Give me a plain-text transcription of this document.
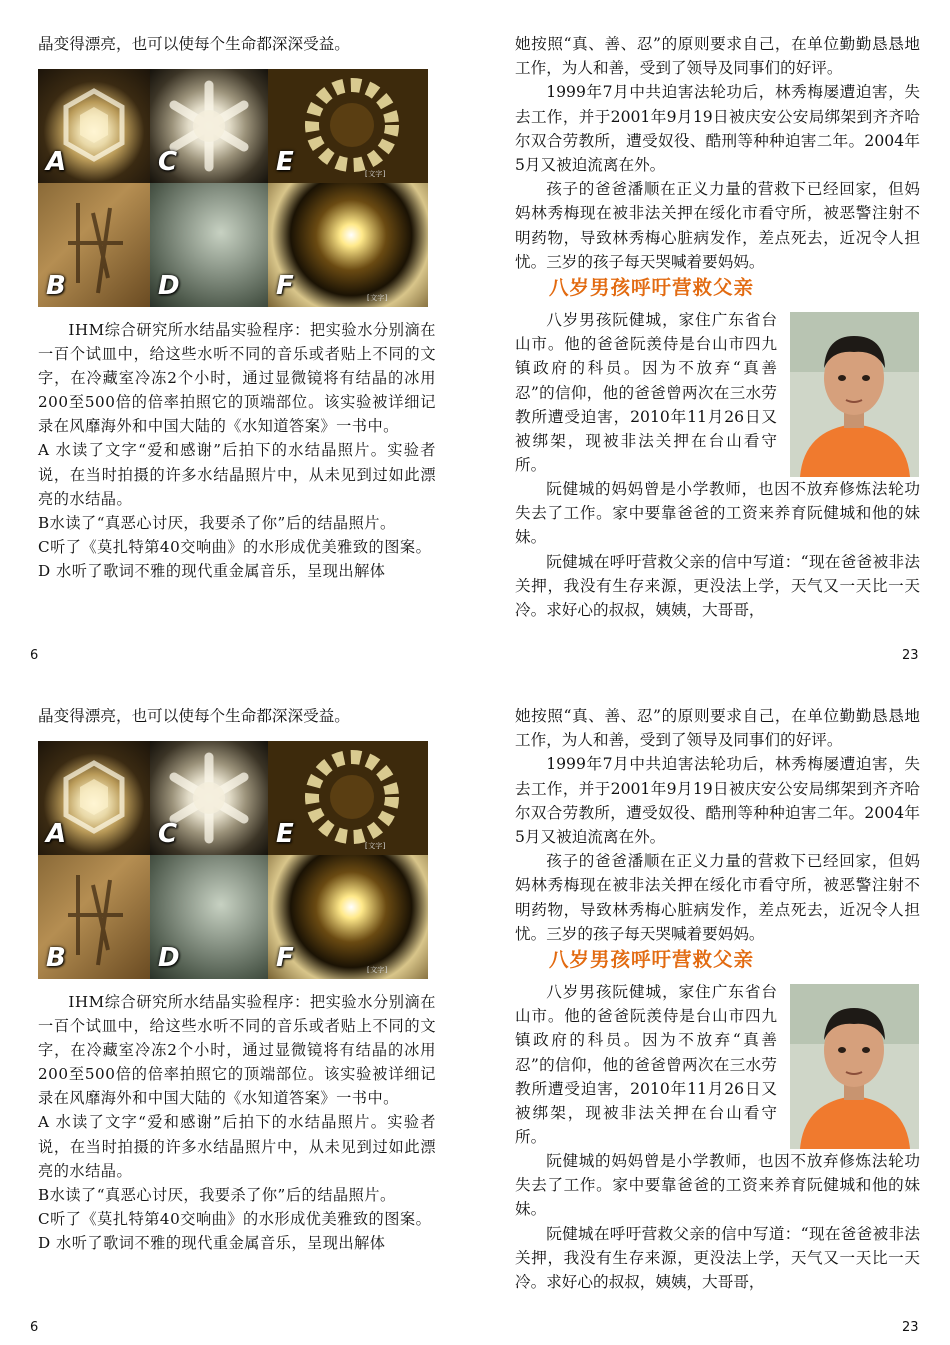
晶变得漂亮，也可以使每个生命都深深受益。

A	C	[文字]
E
B	D	[文字]
F

IHM综合研究所水结晶实验程序：把实验水分别滴在一百个试皿中，给这些水听不同的音乐或者贴上不同的文字，在冷藏室冷冻2个小时，通过显微镜将有结晶的冰用200至500倍的倍率拍照它的顶端部位。该实验被详细记录在风靡海外和中国大陆的《水知道答案》一书中。

A 水读了文字“爱和感谢”后拍下的水结晶照片。实验者说，在当时拍摄的许多水结晶照片中，从未见到过如此漂亮的水结晶。

B水读了“真恶心讨厌，我要杀了你”后的结晶照片。

C听了《莫扎特第40交响曲》的水形成优美雅致的图案。

D 水听了歌词不雅的现代重金属音乐，呈现出解体

她按照“真、善、忍”的原则要求自己，在单位勤勤恳恳地工作，为人和善，受到了领导及同事们的好评。

1999年7月中共迫害法轮功后，林秀梅屡遭迫害，失去工作，并于2001年9月19日被庆安公安局绑架到齐齐哈尔双合劳教所，遭受奴役、酷刑等种种迫害二年。2004年5月又被迫流离在外。

孩子的爸爸潘顺在正义力量的营救下已经回家，但妈妈林秀梅现在被非法关押在绥化市看守所，被恶警注射不明药物，导致林秀梅心脏病发作，差点死去，近况令人担忧。三岁的孩子每天哭喊着要妈妈。

八岁男孩呼吁营救父亲

八岁男孩阮健城，家住广东省台山市。他的爸爸阮羡侍是台山市四九镇政府的科员。因为不放弃“真善忍”的信仰，他的爸爸曾两次在三水劳教所遭受迫害，2010年11月26日又被绑架，现被非法关押在台山看守所。

阮健城的妈妈曾是小学教师，也因不放弃修炼法轮功失去了工作。家中要靠爸爸的工资来养育阮健城和他的妹妹。

阮健城在呼吁营救父亲的信中写道：“现在爸爸被非法关押，我没有生存来源，更没法上学，天气又一天比一天冷。求好心的叔叔，姨姨，大哥哥，

6	23

晶变得漂亮，也可以使每个生命都深深受益。

A	C	[文字]
E
B	D	[文字]
F

IHM综合研究所水结晶实验程序：把实验水分别滴在一百个试皿中，给这些水听不同的音乐或者贴上不同的文字，在冷藏室冷冻2个小时，通过显微镜将有结晶的冰用200至500倍的倍率拍照它的顶端部位。该实验被详细记录在风靡海外和中国大陆的《水知道答案》一书中。

A 水读了文字“爱和感谢”后拍下的水结晶照片。实验者说，在当时拍摄的许多水结晶照片中，从未见到过如此漂亮的水结晶。

B水读了“真恶心讨厌，我要杀了你”后的结晶照片。

C听了《莫扎特第40交响曲》的水形成优美雅致的图案。

D 水听了歌词不雅的现代重金属音乐，呈现出解体

她按照“真、善、忍”的原则要求自己，在单位勤勤恳恳地工作，为人和善，受到了领导及同事们的好评。

1999年7月中共迫害法轮功后，林秀梅屡遭迫害，失去工作，并于2001年9月19日被庆安公安局绑架到齐齐哈尔双合劳教所，遭受奴役、酷刑等种种迫害二年。2004年5月又被迫流离在外。

孩子的爸爸潘顺在正义力量的营救下已经回家，但妈妈林秀梅现在被非法关押在绥化市看守所，被恶警注射不明药物，导致林秀梅心脏病发作，差点死去，近况令人担忧。三岁的孩子每天哭喊着要妈妈。

八岁男孩呼吁营救父亲

八岁男孩阮健城，家住广东省台山市。他的爸爸阮羡侍是台山市四九镇政府的科员。因为不放弃“真善忍”的信仰，他的爸爸曾两次在三水劳教所遭受迫害，2010年11月26日又被绑架，现被非法关押在台山看守所。

阮健城的妈妈曾是小学教师，也因不放弃修炼法轮功失去了工作。家中要靠爸爸的工资来养育阮健城和他的妹妹。

阮健城在呼吁营救父亲的信中写道：“现在爸爸被非法关押，我没有生存来源，更没法上学，天气又一天比一天冷。求好心的叔叔，姨姨，大哥哥，

6	23
